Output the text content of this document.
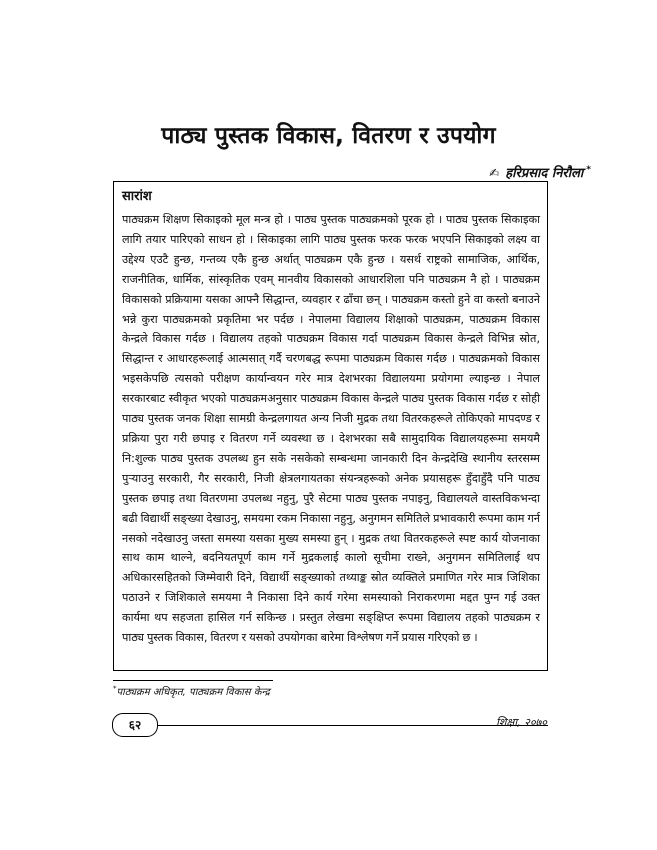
पाठ्य पुस्तक विकास, वितरण र उपयोग
✍ हरिप्रसाद निरौला *
सारांश
पाठ्यक्रम शिक्षण सिकाइको मूल मन्त्र हो । पाठ्य पुस्तक पाठ्यक्रमको पूरक हो । पाठ्य पुस्तक सिकाइका लागि तयार पारिएको साधन हो । सिकाइका लागि पाठ्य पुस्तक फरक फरक भएपनि सिकाइको लक्ष्य वा उद्देश्य एउटै हुन्छ, गन्तव्य एकै हुन्छ अर्थात् पाठ्यक्रम एकै हुन्छ । यसर्थ राष्ट्रको सामाजिक, आर्थिक, राजनीतिक, धार्मिक, सांस्कृतिक एवम् मानवीय विकासको आधारशिला पनि पाठ्यक्रम नै हो । पाठ्यक्रम विकासको प्रक्रियामा यसका आफ्नै सिद्धान्त, व्यवहार र ढाँचा छन् । पाठ्यक्रम कस्तो हुने वा कस्तो बनाउने भन्ने कुरा पाठ्यक्रमको प्रकृतिमा भर पर्दछ । नेपालमा विद्यालय शिक्षाको पाठ्यक्रम, पाठ्यक्रम विकास केन्द्रले विकास गर्दछ । विद्यालय तहको पाठ्यक्रम विकास गर्दा पाठ्यक्रम विकास केन्द्रले विभिन्न स्रोत, सिद्धान्त र आधारहरूलाई आत्मसात् गर्दै चरणबद्ध रूपमा पाठ्यक्रम विकास गर्दछ । पाठ्यक्रमको विकास भइसकेपछि त्यसको परीक्षण कार्यान्वयन गरेर मात्र देशभरका विद्यालयमा प्रयोगमा ल्याइन्छ । नेपाल सरकारबाट स्वीकृत भएको पाठ्यक्रमअनुसार पाठ्यक्रम विकास केन्द्रले पाठ्य पुस्तक विकास गर्दछ र सोही पाठ्य पुस्तक जनक शिक्षा सामग्री केन्द्रलगायत अन्य निजी मुद्रक तथा वितरकहरूले तोकिएको मापदण्ड र प्रक्रिया पुरा गरी छपाइ र वितरण गर्ने व्यवस्था छ । देशभरका सबै सामुदायिक विद्यालयहरूमा समयमै नि:शुल्क पाठ्य पुस्तक उपलब्ध हुन सके नसकेको सम्बन्धमा जानकारी दिन केन्द्रदेखि स्थानीय स्तरसम्म पुऱ्याउनु सरकारी, गैर सरकारी, निजी क्षेत्रलगायतका संयन्त्रहरूको अनेक प्रयासहरू हुँदाहुँदै पनि पाठ्य पुस्तक छपाइ तथा वितरणमा उपलब्ध नहुनु, पुरै सेटमा पाठ्य पुस्तक नपाइनु, विद्यालयले वास्तविकभन्दा बढी विद्यार्थी सङ्ख्या देखाउनु, समयमा रकम निकासा नहुनु, अनुगमन समितिले प्रभावकारी रूपमा काम गर्न नसको नदेखाउनु जस्ता समस्या यसका मुख्य समस्या हुन् । मुद्रक तथा वितरकहरूले स्पष्ट कार्य योजनाका साथ काम थाल्ने, बदनियतपूर्ण काम गर्ने मुद्रकलाई कालो सूचीमा राख्ने, अनुगमन समितिलाई थप अधिकारसहितको जिम्मेवारी दिने, विद्यार्थी सङ्ख्याको तथ्याङ्क स्रोत व्यक्तिले प्रमाणित गरेर मात्र जिशिका पठाउने र जिशिकाले समयमा नै निकासा दिने कार्य गरेमा समस्याको निराकरणमा मद्दत पुग्न गई उक्त कार्यमा थप सहजता हासिल गर्न सकिन्छ । प्रस्तुत लेखमा सङ्क्षिप्त रूपमा विद्यालय तहको पाठ्यक्रम र पाठ्य पुस्तक विकास, वितरण र यसको उपयोगका बारेमा विश्लेषण गर्ने प्रयास गरिएको छ ।
*पाठ्यक्रम अधिकृत, पाठ्यक्रम विकास केन्द्र
६२	शिक्षा, २०७०
